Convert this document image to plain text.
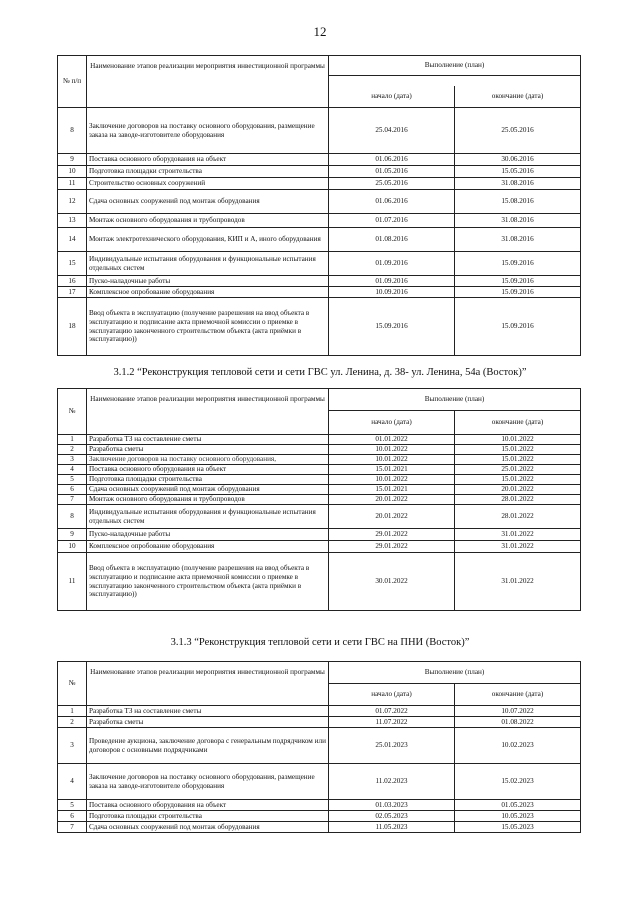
12
№ п/п	Наименование этапов реализации мероприятия инвестиционной программы	Выполнение (план)	

		начало (дата)	окончание (дата)
8	Заключение договоров на поставку основного оборудования, размещение заказа на заводе-изготовителе оборудования	25.04.2016	25.05.2016
9	Поставка основного оборудования на объект	01.06.2016	30.06.2016
10	Подготовка площадки строительства	01.05.2016	15.05.2016
11	Строительство основных сооружений	25.05.2016	31.08.2016
12	Сдача основных сооружений под монтаж оборудования	01.06.2016	15.08.2016
13	Монтаж основного оборудования и трубопроводов	01.07.2016	31.08.2016
14	Монтаж электротехнического оборудования, КИП и А, иного оборудования	01.08.2016	31.08.2016
15	Индивидуальные испытания оборудования и функциональные испытания отдельных систем	01.09.2016	15.09.2016
16	Пуско-наладочные работы	01.09.2016	15.09.2016
17	Комплексное опробование оборудования	10.09.2016	15.09.2016
18	Ввод объекта в эксплуатацию (получение разрешения на ввод объекта в эксплуатацию и подписание акта приемочной комиссии о приемке в эксплуатацию законченного строительством объекта (акта приёмки в эксплуатацию))	15.09.2016	15.09.2016
3.1.2 “Реконструкция тепловой сети и сети ГВС ул. Ленина, д. 38- ул. Ленина, 54а (Восток)”
№	Наименование этапов реализации мероприятия инвестиционной программы	Выполнение (план)	
		начало (дата)	окончание (дата)
1	Разработка ТЗ на составление сметы	01.01.2022	10.01.2022
2	Разработка сметы	10.01.2022	15.01.2022
3	Заключение договоров на поставку основного оборудования,	10.01.2022	15.01.2022
4	Поставка основного оборудования на объект	15.01.2021	25.01.2022
5	Подготовка площадки строительства	10.01.2022	15.01.2022
6	Сдача основных сооружений под монтаж оборудования	15.01.2021	20.01.2022
7	Монтаж основного оборудования и трубопроводов	20.01.2022	28.01.2022
8	Индивидуальные испытания оборудования и функциональные испытания отдельных систем	20.01.2022	28.01.2022
9	Пуско-наладочные работы	29.01.2022	31.01.2022
10	Комплексное опробование оборудования	29.01.2022	31.01.2022
11	Ввод объекта в эксплуатацию (получение разрешения на ввод объекта в эксплуатацию и подписание акта приемочной комиссии о приемке в эксплуатацию законченного строительством объекта (акта приёмки в эксплуатацию))	30.01.2022	31.01.2022
3.1.3 “Реконструкция тепловой сети и сети ГВС на ПНИ (Восток)”
№	Наименование этапов реализации мероприятия инвестиционной программы	Выполнение (план)	
		начало (дата)	окончание (дата)
1	Разработка ТЗ на составление сметы	01.07.2022	10.07.2022
2	Разработка сметы	11.07.2022	01.08.2022
3	Проведение аукциона, заключение договора с генеральным подрядчиком или договоров с основными подрядчиками	25.01.2023	10.02.2023
4	Заключение договоров на поставку основного оборудования, размещение заказа на заводе-изготовителе оборудования	11.02.2023	15.02.2023
5	Поставка основного оборудования на объект	01.03.2023	01.05.2023
6	Подготовка площадки строительства	02.05.2023	10.05.2023
7	Сдача основных сооружений под монтаж оборудования	11.05.2023	15.05.2023
